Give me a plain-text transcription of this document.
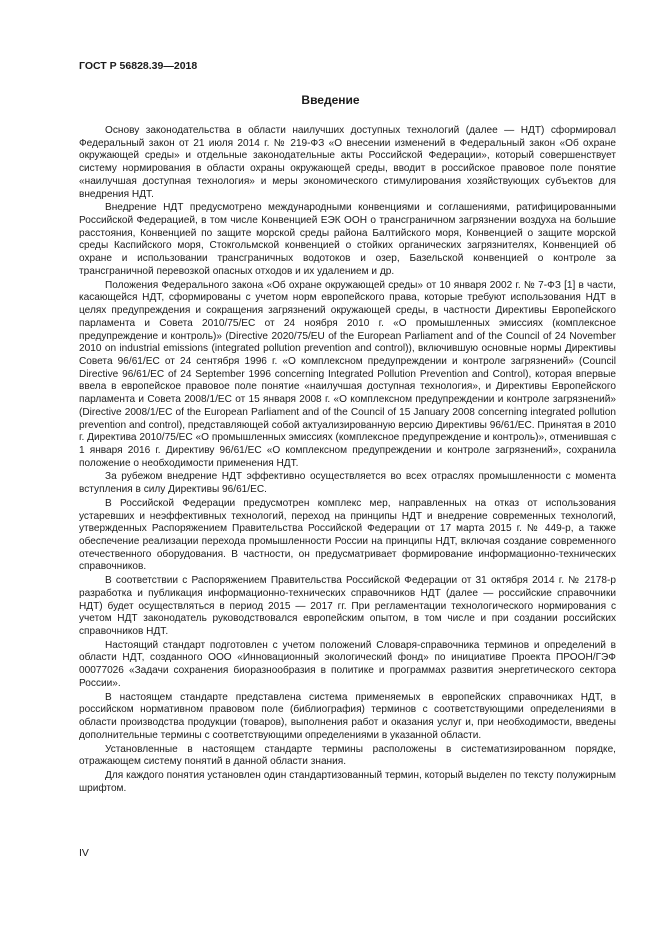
ГОСТ Р 56828.39—2018
Введение

Основу законодательства в области наилучших доступных технологий (далее — НДТ) сформировал Федеральный закон от 21 июля 2014 г. № 219-ФЗ «О внесении изменений в Федеральный закон «Об охране окружающей среды» и отдельные законодательные акты Российской Федерации», который совершенствует систему нормирования в области охраны окружающей среды, вводит в российское правовое поле понятие «наилучшая доступная технология» и меры экономического стимулирования хозяйствующих субъектов для внедрения НДТ.

Внедрение НДТ предусмотрено международными конвенциями и соглашениями, ратифицированными Российской Федерацией, в том числе Конвенцией ЕЭК ООН о трансграничном загрязнении воздуха на большие расстояния, Конвенцией по защите морской среды района Балтийского моря, Конвенцией о защите морской среды Каспийского моря, Стокгольмской конвенцией о стойких органических загрязнителях, Конвенцией об охране и использовании трансграничных водотоков и озер, Базельской конвенцией о контроле за трансграничной перевозкой опасных отходов и их удалением и др.

Положения Федерального закона «Об охране окружающей среды» от 10 января 2002 г. № 7-ФЗ [1] в части, касающейся НДТ, сформированы с учетом норм европейского права, которые требуют использования НДТ в целях предупреждения и сокращения загрязнений окружающей среды, в частности Директивы Европейского парламента и Совета 2010/75/ЕС от 24 ноября 2010 г. «О промышленных эмиссиях (комплексное предупреждение и контроль)» (Directive 2020/75/EU of the European Parliament and of the Council of 24 November 2010 on industrial emissions (integrated pollution prevention and control)), включившую основные нормы Директивы Совета 96/61/ЕС от 24 сентября 1996 г. «О комплексном предупреждении и контроле загрязнений» (Council Directive 96/61/EC of 24 September 1996 concerning Integrated Pollution Prevention and Control), которая впервые ввела в европейское правовое поле понятие «наилучшая доступная технология», и Директивы Европейского парламента и Совета 2008/1/ЕС от 15 января 2008 г. «О комплексном предупреждении и контроле загрязнений» (Directive 2008/1/EC of the European Parliament and of the Council of 15 January 2008 concerning integrated pollution prevention and control), представляющей собой актуализированную версию Директивы 96/61/ЕС. Принятая в 2010 г. Директива 2010/75/ЕС «О промышленных эмиссиях (комплексное предупреждение и контроль)», отменившая с 1 января 2016 г. Директиву 96/61/ЕС «О комплексном предупреждении и контроле загрязнений», сохранила положение о необходимости применения НДТ.

За рубежом внедрение НДТ эффективно осуществляется во всех отраслях промышленности с момента вступления в силу Директивы 96/61/ЕС.

В Российской Федерации предусмотрен комплекс мер, направленных на отказ от использования устаревших и неэффективных технологий, переход на принципы НДТ и внедрение современных технологий, утвержденных Распоряжением Правительства Российской Федерации от 17 марта 2015 г. № 449-р, а также обеспечение реализации перехода промышленности России на принципы НДТ, включая создание современного отечественного оборудования. В частности, он предусматривает формирование информационно-технических справочников.

В соответствии с Распоряжением Правительства Российской Федерации от 31 октября 2014 г. № 2178-р разработка и публикация информационно-технических справочников НДТ (далее — российские справочники НДТ) будет осуществляться в период 2015 — 2017 гг. При регламентации технологического нормирования с учетом НДТ законодатель руководствовался европейским опытом, в том числе и при создании российских справочников НДТ.

Настоящий стандарт подготовлен с учетом положений Словаря-справочника терминов и определений в области НДТ, созданного ООО «Инновационный экологический фонд» по инициативе Проекта ПРООН/ГЭФ 00077026 «Задачи сохранения биоразнообразия в политике и программах развития энергетического сектора России».

В настоящем стандарте представлена система применяемых в европейских справочниках НДТ, в российском нормативном правовом поле (библиография) терминов с соответствующими определениями в области производства продукции (товаров), выполнения работ и оказания услуг и, при необходимости, введены дополнительные термины с соответствующими определениями в указанной области.

Установленные в настоящем стандарте термины расположены в систематизированном порядке, отражающем систему понятий в данной области знания.

Для каждого понятия установлен один стандартизованный термин, который выделен по тексту полужирным шрифтом.

IV
